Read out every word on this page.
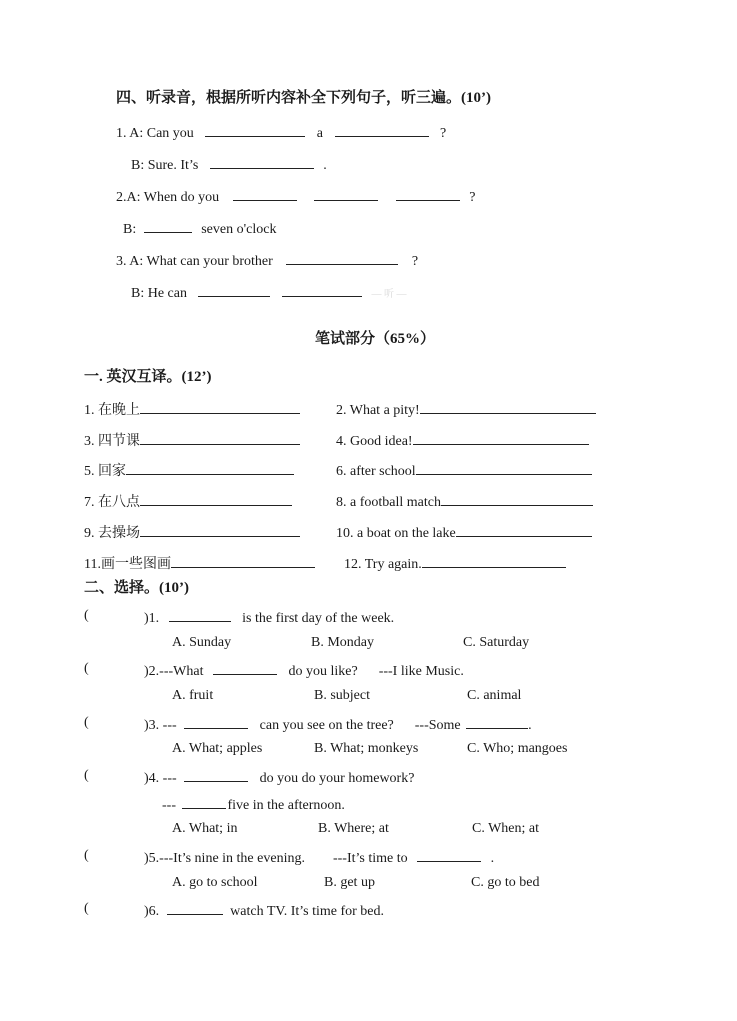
四、听录音，根据所听内容补全下列句子，听三遍。(10’)
1. A: Can you	a	?
B: Sure. It’s	.
2.A: When do you	?
B:	seven o'clock
3. A: What can your brother	?
B: He can	— 听 —
笔试部分（65%）
一. 英汉互译。(12’)
1. 在晚上	2. What a pity!
3. 四节课	4. Good idea!
5. 回家	6. after school
7. 在八点	8. a football match
9. 去操场	10. a boat on the lake
11.画一些图画	12. Try again.
二、选择。(10’)
(	)1.	is the first day of the week.
A. Sunday	B. Monday	C. Saturday
(	)2.---What	do you like?      ---I like Music.
A. fruit	B. subject	C. animal
(	)3. ---	can you see on the tree?      ---Some	.
A. What; apples	B. What; monkeys	C. Who; mangoes
(	)4. ---	do you do your homework?
---	five in the afternoon.
A. What; in	B. Where; at	C. When; at
(	)5.---It’s nine in the evening.        ---It’s time to	.
A. go to school	B. get up	C. go to bed
(	)6.	watch TV. It’s time for bed.
